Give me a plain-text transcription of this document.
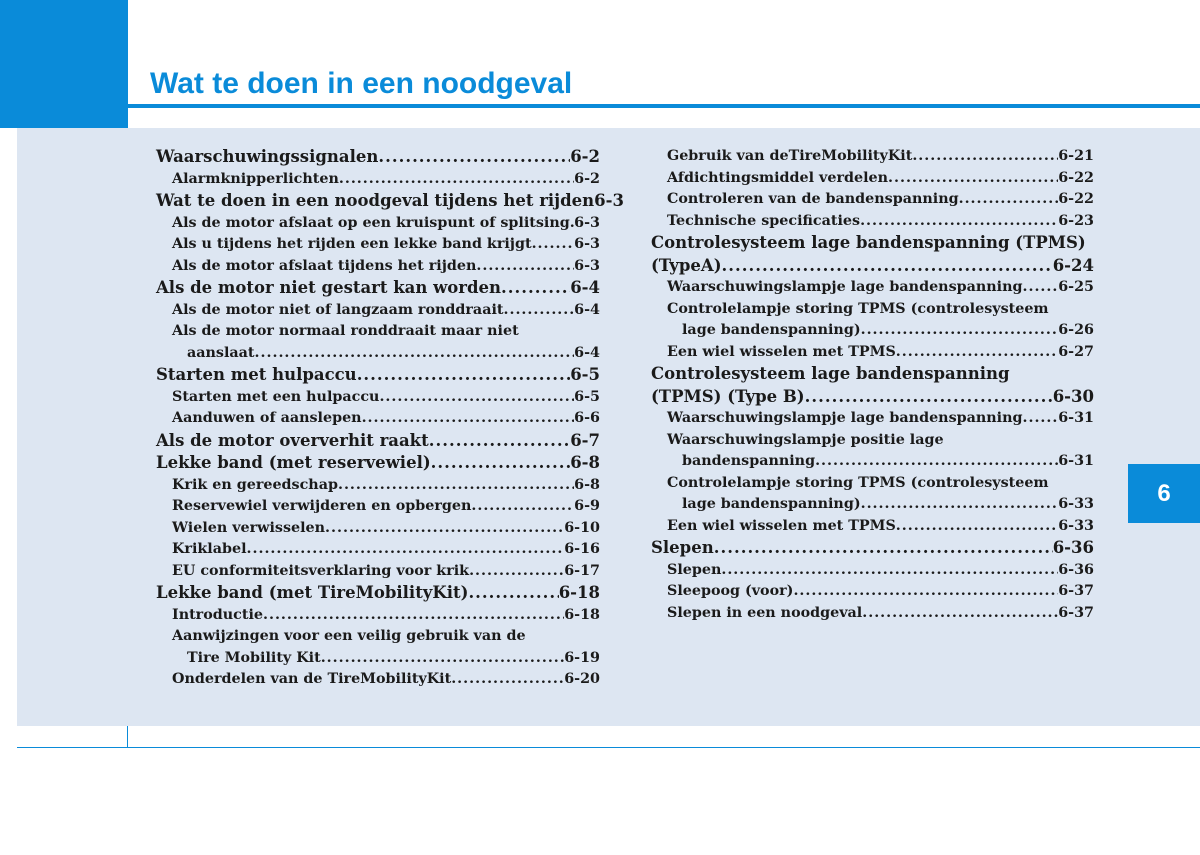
Wat te doen in een noodgeval
6
Waarschuwingssignalen .....	6-2
Alarmknipperlichten .....	6-2
Wat te doen in een noodgeval tijdens het rijden 6-3
Als de motor afslaat op een kruispunt of splitsing ..... 6-3
Als u tijdens het rijden een lekke band krijgt .....	6-3
Als de motor afslaat tijdens het rijden .....	6-3
Als de motor niet gestart kan worden .....	6-4
Als de motor niet of langzaam ronddraait .....	6-4
Als de motor normaal ronddraait maar niet
aanslaat .....	6-4
Starten met hulpaccu .....	6-5
Starten met een hulpaccu .....	6-5
Aanduwen of aanslepen .....	6-6
Als de motor oververhit raakt .....	6-7
Lekke band (met reservewiel) .....	6-8
Krik en gereedschap .....	6-8
Reservewiel verwijderen en opbergen .....	6-9
Wielen verwisselen .....	6-10
Kriklabel .....	6-16
EU conformiteitsverklaring voor krik .....	6-17
Lekke band (met TireMobilityKit) .....	6-18
Introductie .....	6-18
Aanwijzingen voor een veilig gebruik van de
Tire Mobility Kit .....	6-19
Onderdelen van de TireMobilityKit .....	6-20
Gebruik van deTireMobilityKit .....	6-21
Afdichtingsmiddel verdelen .....	6-22
Controleren van de bandenspanning .....	6-22
Technische specificaties .....	6-23
Controlesysteem lage bandenspanning (TPMS)
(TypeA) .....	6-24
Waarschuwingslampje lage bandenspanning ..... 6-25
Controlelampje storing TPMS (controlesysteem
lage bandenspanning) .....	6-26
Een wiel wisselen met TPMS .....	6-27
Controlesysteem lage bandenspanning
(TPMS) (Type B) .....	6-30
Waarschuwingslampje lage bandenspanning ..... 6-31
Waarschuwingslampje positie lage
bandenspanning .....	6-31
Controlelampje storing TPMS (controlesysteem
lage bandenspanning) .....	6-33
Een wiel wisselen met TPMS .....	6-33
Slepen .....	6-36
Slepen .....	6-36
Sleepoog (voor) .....	6-37
Slepen in een noodgeval .....	6-37
